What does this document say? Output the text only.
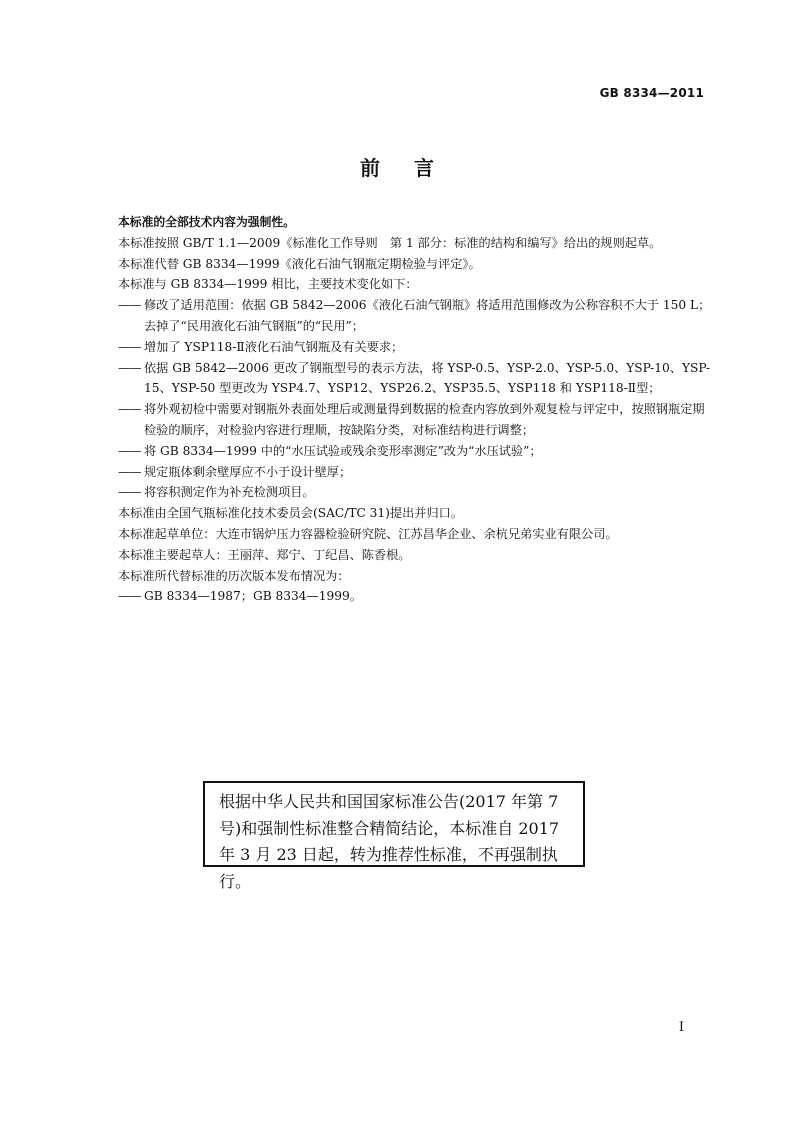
GB 8334—2011
前言

本标准的全部技术内容为强制性。

本标准按照 GB/T 1.1—2009《标准化工作导则　第 1 部分：标准的结构和编写》给出的规则起草。

本标准代替 GB 8334—1999《液化石油气钢瓶定期检验与评定》。

本标准与 GB 8334—1999 相比，主要技术变化如下：

—— 修改了适用范围：依据 GB 5842—2006《液化石油气钢瓶》将适用范围修改为公称容积不大于 150 L；去掉了“民用液化石油气钢瓶”的“民用”；

—— 增加了 YSP118-Ⅱ液化石油气钢瓶及有关要求；

—— 依据 GB 5842—2006 更改了钢瓶型号的表示方法，将 YSP-0.5、YSP-2.0、YSP-5.0、YSP-10、YSP-15、YSP-50 型更改为 YSP4.7、YSP12、YSP26.2、YSP35.5、YSP118 和 YSP118-Ⅱ型；

—— 将外观初检中需要对钢瓶外表面处理后或测量得到数据的检查内容放到外观复检与评定中，按照钢瓶定期检验的顺序，对检验内容进行理顺，按缺陷分类，对标准结构进行调整；

—— 将 GB 8334—1999 中的“水压试验或残余变形率测定”改为“水压试验”；

—— 规定瓶体剩余壁厚应不小于设计壁厚；

—— 将容积测定作为补充检测项目。

本标准由全国气瓶标准化技术委员会(SAC/TC 31)提出并归口。

本标准起草单位：大连市锅炉压力容器检验研究院、江苏昌华企业、余杭兄弟实业有限公司。

本标准主要起草人：王丽萍、郑宁、丁纪昌、陈香根。

本标准所代替标准的历次版本发布情况为：

—— GB 8334—1987；GB 8334—1999。

根据中华人民共和国国家标准公告(2017 年第 7 号)和强制性标准整合精简结论，本标准自 2017 年 3 月 23 日起，转为推荐性标准，不再强制执行。
I
